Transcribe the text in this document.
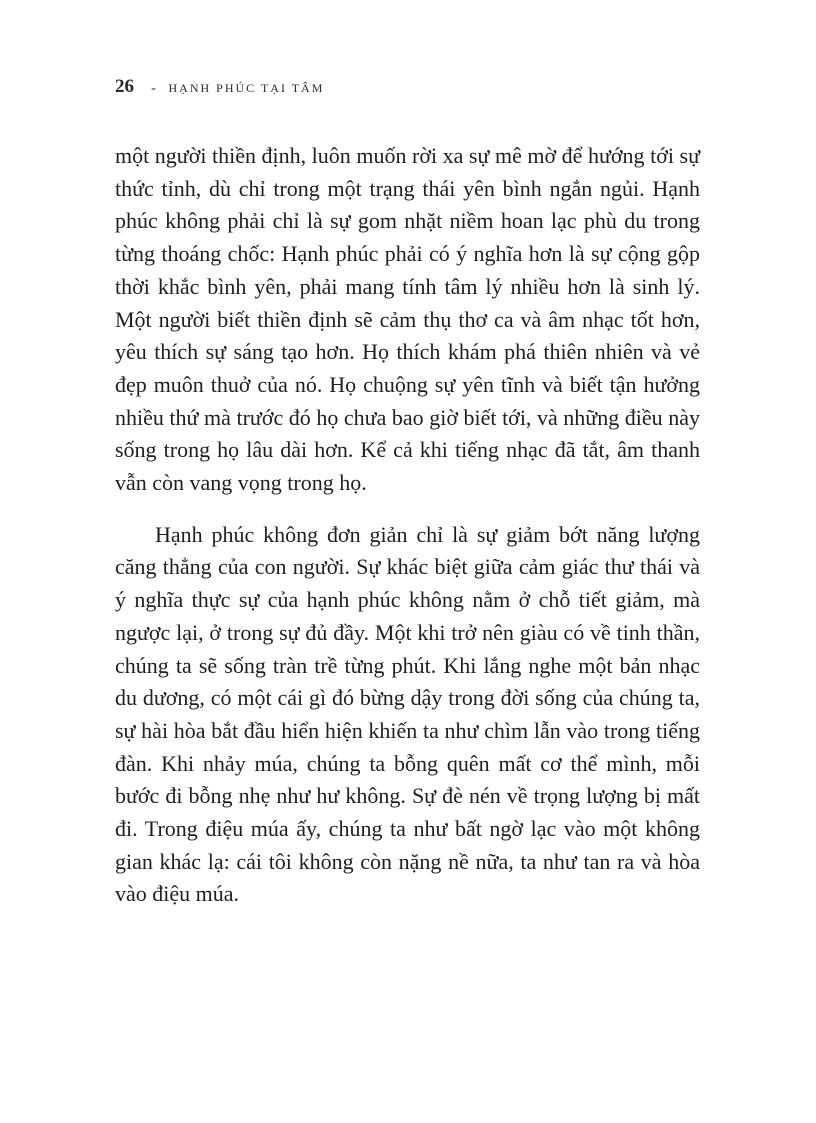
26 - HẠNH PHÚC TẠI TÂM

một người thiền định, luôn muốn rời xa sự mê mờ để hướng tới sự thức tỉnh, dù chỉ trong một trạng thái yên bình ngắn ngủi. Hạnh phúc không phải chỉ là sự gom nhặt niềm hoan lạc phù du trong từng thoáng chốc: Hạnh phúc phải có ý nghĩa hơn là sự cộng gộp thời khắc bình yên, phải mang tính tâm lý nhiều hơn là sinh lý. Một người biết thiền định sẽ cảm thụ thơ ca và âm nhạc tốt hơn, yêu thích sự sáng tạo hơn. Họ thích khám phá thiên nhiên và vẻ đẹp muôn thuở của nó. Họ chuộng sự yên tĩnh và biết tận hưởng nhiều thứ mà trước đó họ chưa bao giờ biết tới, và những điều này sống trong họ lâu dài hơn. Kể cả khi tiếng nhạc đã tắt, âm thanh vẫn còn vang vọng trong họ.

Hạnh phúc không đơn giản chỉ là sự giảm bớt năng lượng căng thẳng của con người. Sự khác biệt giữa cảm giác thư thái và ý nghĩa thực sự của hạnh phúc không nằm ở chỗ tiết giảm, mà ngược lại, ở trong sự đủ đầy. Một khi trở nên giàu có về tinh thần, chúng ta sẽ sống tràn trề từng phút. Khi lắng nghe một bản nhạc du dương, có một cái gì đó bừng dậy trong đời sống của chúng ta, sự hài hòa bắt đầu hiển hiện khiến ta như chìm lẫn vào trong tiếng đàn. Khi nhảy múa, chúng ta bỗng quên mất cơ thể mình, mỗi bước đi bỗng nhẹ như hư không. Sự đè nén về trọng lượng bị mất đi. Trong điệu múa ấy, chúng ta như bất ngờ lạc vào một không gian khác lạ: cái tôi không còn nặng nề nữa, ta như tan ra và hòa vào điệu múa.
